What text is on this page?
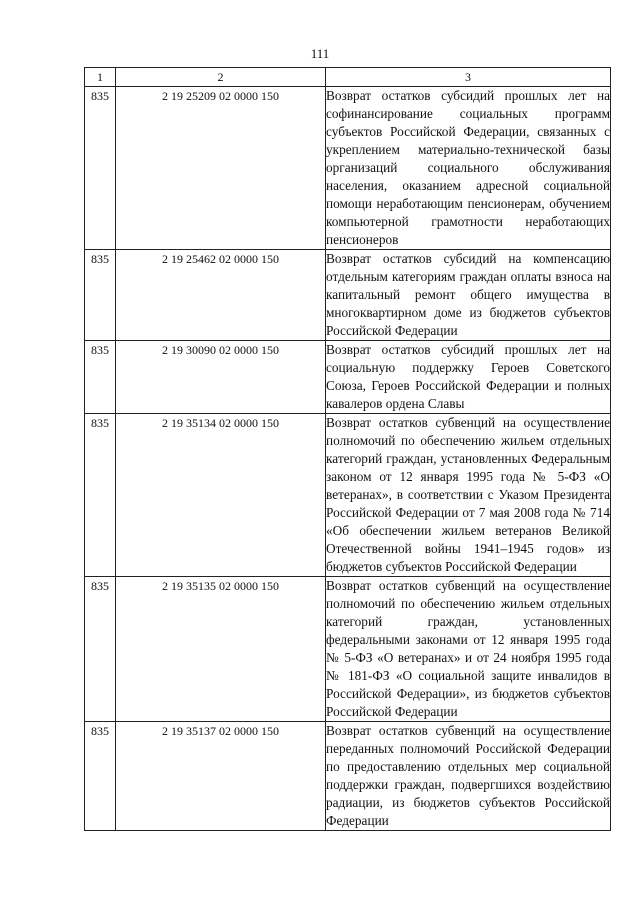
111
1	2	3
835	2 19 25209 02 0000 150	Возврат остатков субсидий прошлых лет на софинансирование социальных программ субъектов Российской Федерации, связанных с укреплением материально-технической базы организаций социального обслуживания населения, оказанием адресной социальной помощи неработающим пенсионерам, обучением компьютерной грамотности неработающих пенсионеров
835	2 19 25462 02 0000 150	Возврат остатков субсидий на компенсацию отдельным категориям граждан оплаты взноса на капитальный ремонт общего имущества в многоквартирном доме из бюджетов субъектов Российской Федерации
835	2 19 30090 02 0000 150	Возврат остатков субсидий прошлых лет на социальную поддержку Героев Советского Союза, Героев Российской Федерации и полных кавалеров ордена Славы
835	2 19 35134 02 0000 150	Возврат остатков субвенций на осуществление полномочий по обеспечению жильем отдельных категорий граждан, установленных Федеральным законом от 12 января 1995 года № 5-ФЗ «О ветеранах», в соответствии с Указом Президента Российской Федерации от 7 мая 2008 года № 714 «Об обеспечении жильем ветеранов Великой Отечественной войны 1941–1945 годов» из бюджетов субъектов Российской Федерации
835	2 19 35135 02 0000 150	Возврат остатков субвенций на осуществление полномочий по обеспечению жильем отдельных категорий граждан, установленных федеральными законами от 12 января 1995 года № 5-ФЗ «О ветеранах» и от 24 ноября 1995 года № 181-ФЗ «О социальной защите инвалидов в Российской Федерации», из бюджетов субъектов Российской Федерации
835	2 19 35137 02 0000 150	Возврат остатков субвенций на осуществление переданных полномочий Российской Федерации по предоставлению отдельных мер социальной поддержки граждан, подвергшихся воздействию радиации, из бюджетов субъектов Российской Федерации
